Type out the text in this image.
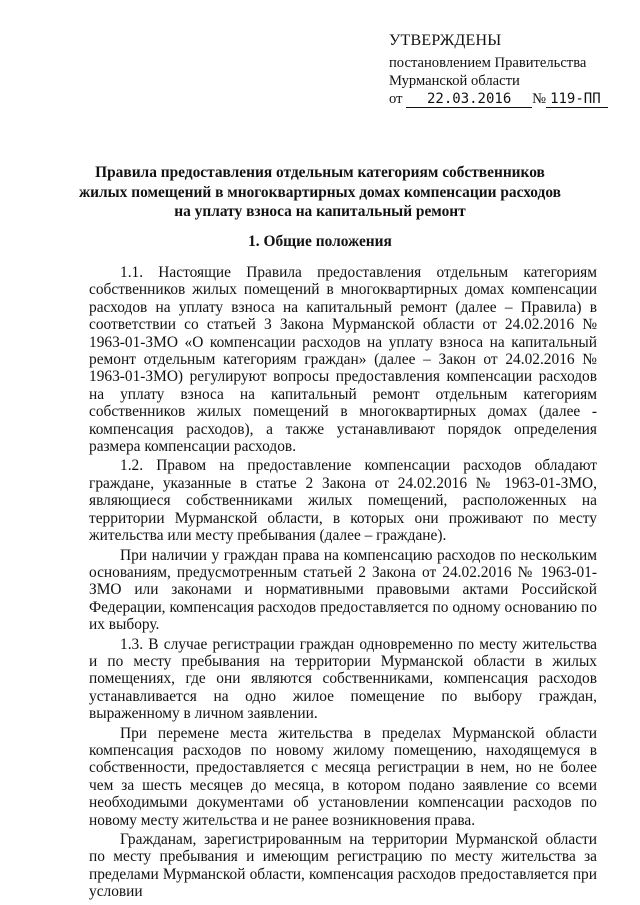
УТВЕРЖДЕНЫ
постановлением Правительства
Мурманской области
от 22.03.2016 № 119-ПП
Правила предоставления отдельным категориям собственников жилых помещений в многоквартирных домах компенсации расходов на уплату взноса на капитальный ремонт
1. Общие положения

1.1. Настоящие Правила предоставления отдельным категориям собственников жилых помещений в многоквартирных домах компенсации расходов на уплату взноса на капитальный ремонт (далее – Правила) в соответствии со статьей 3 Закона Мурманской области от 24.02.2016 № 1963-01-ЗМО «О компенсации расходов на уплату взноса на капитальный ремонт отдельным категориям граждан» (далее – Закон от 24.02.2016 № 1963-01-ЗМО) регулируют вопросы предоставления компенсации расходов на уплату взноса на капитальный ремонт отдельным категориям собственников жилых помещений в многоквартирных домах (далее - компенсация расходов), а также устанавливают порядок определения размера компенсации расходов.

1.2. Правом на предоставление компенсации расходов обладают граждане, указанные в статье 2 Закона от 24.02.2016 № 1963-01-ЗМО, являющиеся собственниками жилых помещений, расположенных на территории Мурманской области, в которых они проживают по месту жительства или месту пребывания (далее – граждане).

При наличии у граждан права на компенсацию расходов по нескольким основаниям, предусмотренным статьей 2 Закона от 24.02.2016 № 1963-01-ЗМО или законами и нормативными правовыми актами Российской Федерации, компенсация расходов предоставляется по одному основанию по их выбору.

1.3. В случае регистрации граждан одновременно по месту жительства и по месту пребывания на территории Мурманской области в жилых помещениях, где они являются собственниками, компенсация расходов устанавливается на одно жилое помещение по выбору граждан, выраженному в личном заявлении.

При перемене места жительства в пределах Мурманской области компенсация расходов по новому жилому помещению, находящемуся в собственности, предоставляется с месяца регистрации в нем, но не более чем за шесть месяцев до месяца, в котором подано заявление со всеми необходимыми документами об установлении компенсации расходов по новому месту жительства и не ранее возникновения права.

Гражданам, зарегистрированным на территории Мурманской области по месту пребывания и имеющим регистрацию по месту жительства за пределами Мурманской области, компенсация расходов предоставляется при условии
